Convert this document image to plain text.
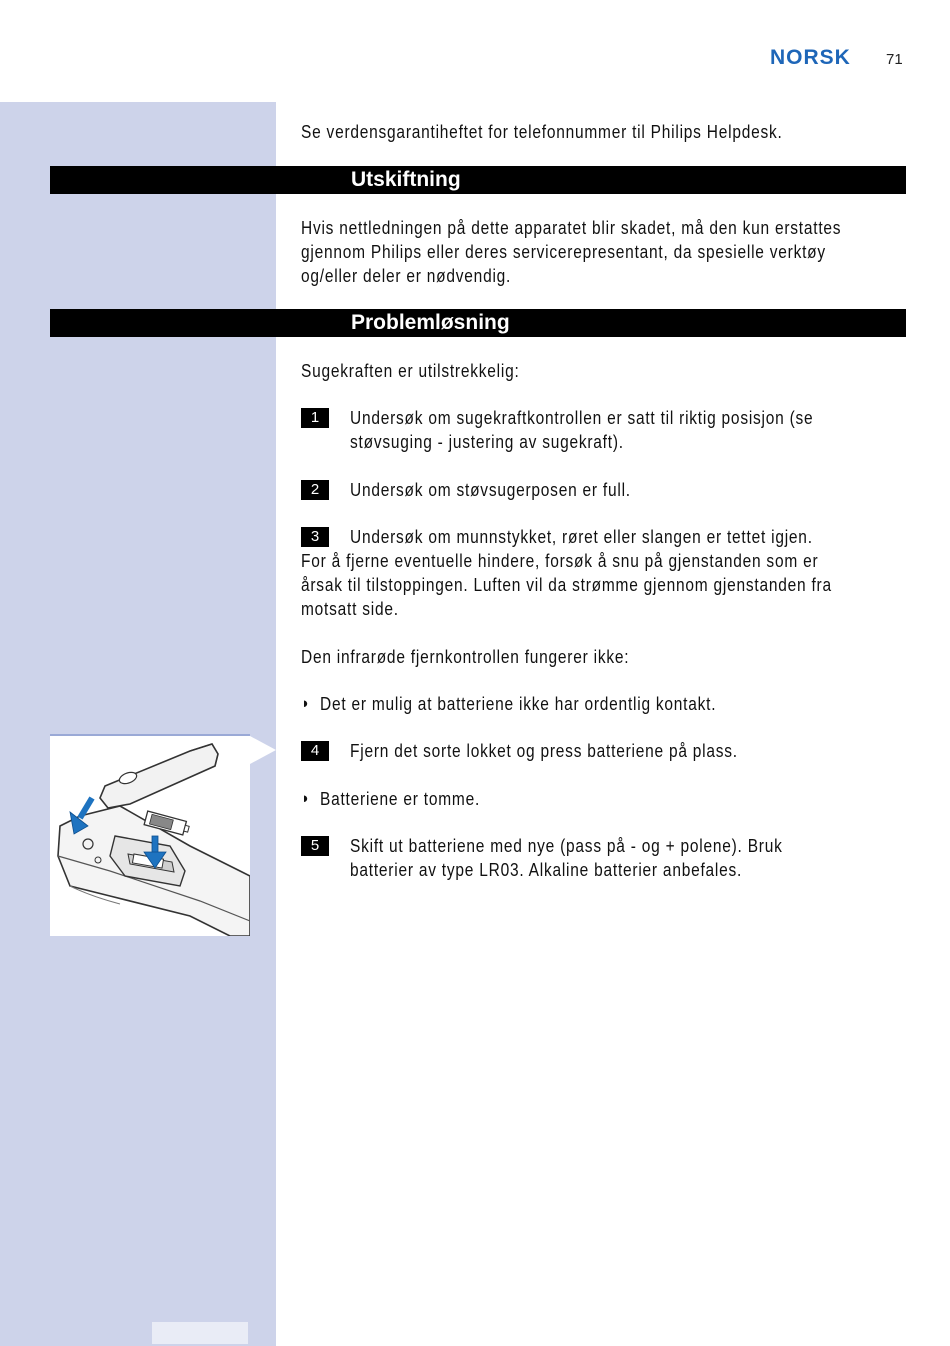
NORSK 71
Se verdensgarantiheftet for telefonnummer til Philips Helpdesk.
Utskiftning
Hvis nettledningen på dette apparatet blir skadet, må den kun erstattes
gjennom Philips eller deres servicerepresentant, da spesielle verktøy
og/eller deler er nødvendig.
Problemløsning
Sugekraften er utilstrekkelig:
1	Undersøk om sugekraftkontrollen er satt til riktig posisjon (se
støvsuging - justering av sugekraft).
2	Undersøk om støvsugerposen er full.
3	Undersøk om munnstykket, røret eller slangen er tettet igjen.
For å fjerne eventuelle hindere, forsøk å snu på gjenstanden som er
årsak til tilstoppingen. Luften vil da strømme gjennom gjenstanden fra
motsatt side.
Den infrarøde fjernkontrollen fungerer ikke:
◗ Det er mulig at batteriene ikke har ordentlig kontakt.
4	Fjern det sorte lokket og press batteriene på plass.
◗ Batteriene er tomme.
5	Skift ut batteriene med nye (pass på - og + polene). Bruk
batterier av type LR03. Alkaline batterier anbefales.
